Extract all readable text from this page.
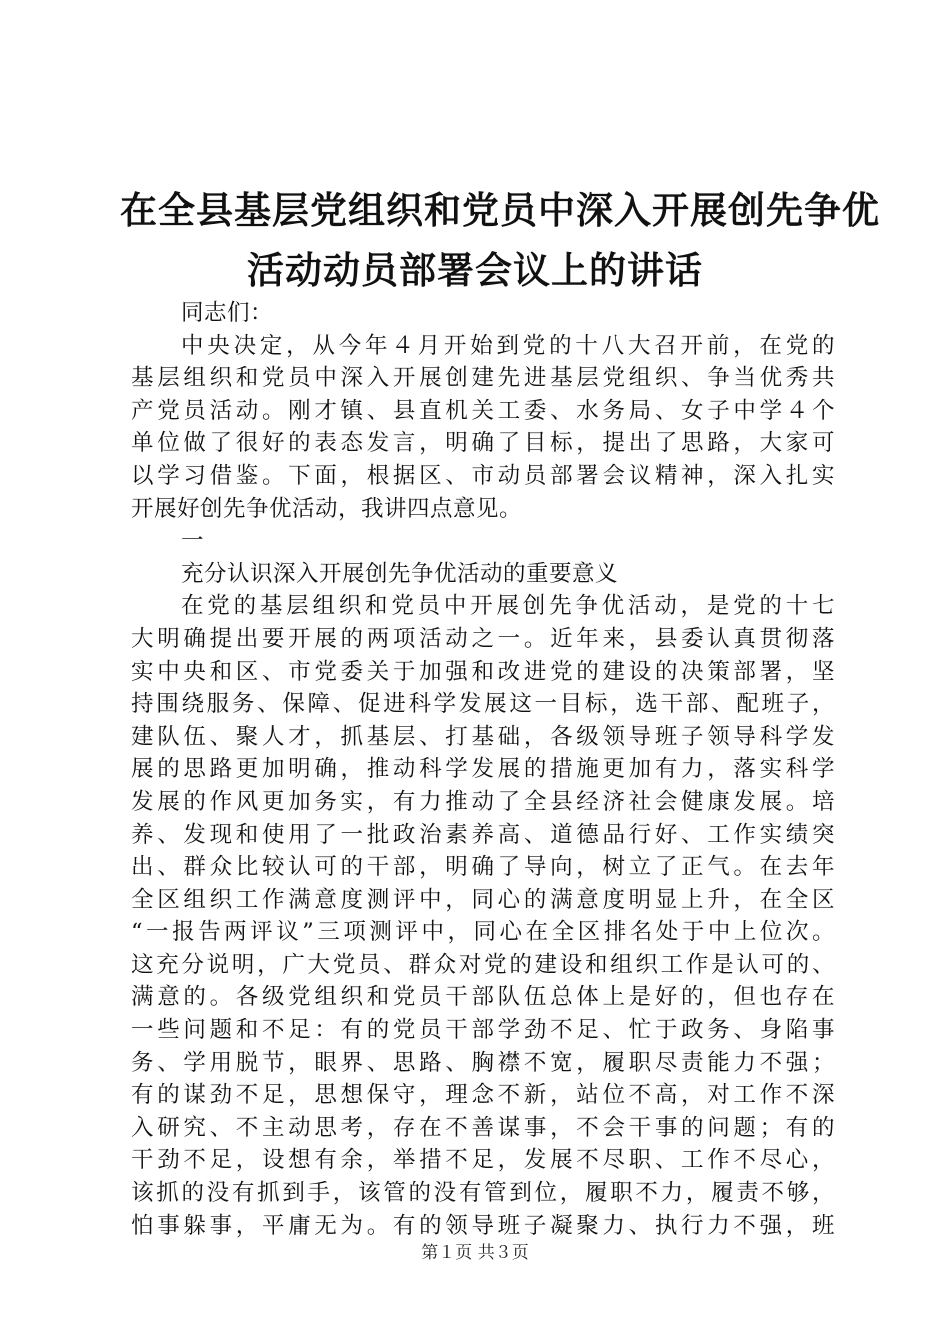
在全县基层党组织和党员中深入开展创先争优
活动动员部署会议上的讲话
同志们：
中央决定，从今年４月开始到党的十八大召开前，在党的
基层组织和党员中深入开展创建先进基层党组织、争当优秀共
产党员活动。刚才镇、县直机关工委、水务局、女子中学４个
单位做了很好的表态发言，明确了目标，提出了思路，大家可
以学习借鉴。下面，根据区、市动员部署会议精神，深入扎实
开展好创先争优活动，我讲四点意见。
一
充分认识深入开展创先争优活动的重要意义
在党的基层组织和党员中开展创先争优活动，是党的十七
大明确提出要开展的两项活动之一。近年来，县委认真贯彻落
实中央和区、市党委关于加强和改进党的建设的决策部署，坚
持围绕服务、保障、促进科学发展这一目标，选干部、配班子，
建队伍、聚人才，抓基层、打基础，各级领导班子领导科学发
展的思路更加明确，推动科学发展的措施更加有力，落实科学
发展的作风更加务实，有力推动了全县经济社会健康发展。培
养、发现和使用了一批政治素养高、道德品行好、工作实绩突
出、群众比较认可的干部，明确了导向，树立了正气。在去年
全区组织工作满意度测评中，同心的满意度明显上升，在全区
“一报告两评议”三项测评中，同心在全区排名处于中上位次。
这充分说明，广大党员、群众对党的建设和组织工作是认可的、
满意的。各级党组织和党员干部队伍总体上是好的，但也存在
一些问题和不足：有的党员干部学劲不足、忙于政务、身陷事
务、学用脱节，眼界、思路、胸襟不宽，履职尽责能力不强；
有的谋劲不足，思想保守，理念不新，站位不高，对工作不深
入研究、不主动思考，存在不善谋事，不会干事的问题；有的
干劲不足，设想有余，举措不足，发展不尽职、工作不尽心，
该抓的没有抓到手，该管的没有管到位，履职不力，履责不够，
怕事躲事，平庸无为。有的领导班子凝聚力、执行力不强，班
第１页 共３页
